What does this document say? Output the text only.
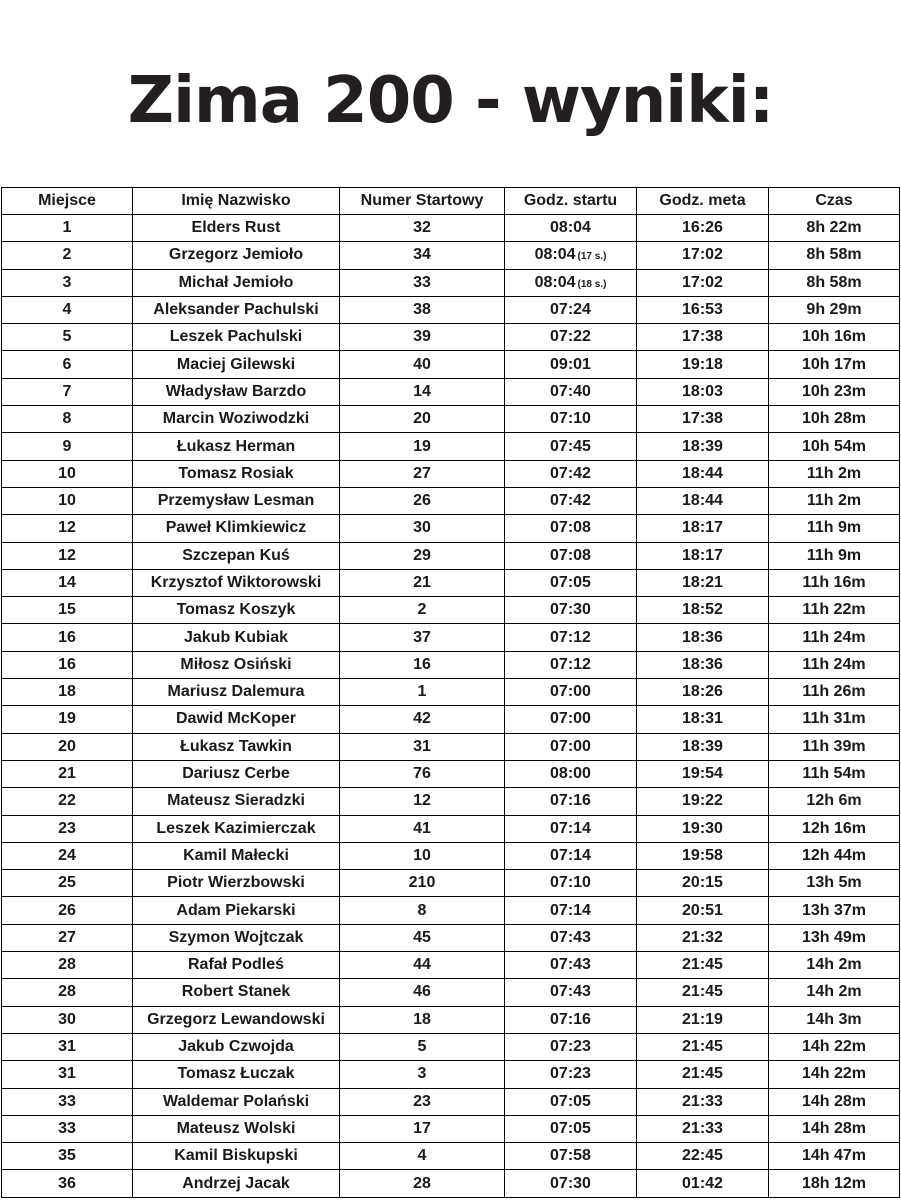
Zima 200 - wyniki:
Miejsce	Imię Nazwisko	Numer Startowy	Godz. startu	Godz. meta	Czas
1	Elders Rust	32	08:04	16:26	8h 22m
2	Grzegorz Jemioło	34	08:04 (17 s.)	17:02	8h 58m
3	Michał Jemioło	33	08:04 (18 s.)	17:02	8h 58m
4	Aleksander Pachulski	38	07:24	16:53	9h 29m
5	Leszek Pachulski	39	07:22	17:38	10h 16m
6	Maciej Gilewski	40	09:01	19:18	10h 17m
7	Władysław Barzdo	14	07:40	18:03	10h 23m
8	Marcin Woziwodzki	20	07:10	17:38	10h 28m
9	Łukasz Herman	19	07:45	18:39	10h 54m
10	Tomasz Rosiak	27	07:42	18:44	11h 2m
10	Przemysław Lesman	26	07:42	18:44	11h 2m
12	Paweł Klimkiewicz	30	07:08	18:17	11h 9m
12	Szczepan Kuś	29	07:08	18:17	11h 9m
14	Krzysztof Wiktorowski	21	07:05	18:21	11h 16m
15	Tomasz Koszyk	2	07:30	18:52	11h 22m
16	Jakub Kubiak	37	07:12	18:36	11h 24m
16	Miłosz Osiński	16	07:12	18:36	11h 24m
18	Mariusz Dalemura	1	07:00	18:26	11h 26m
19	Dawid McKoper	42	07:00	18:31	11h 31m
20	Łukasz Tawkin	31	07:00	18:39	11h 39m
21	Dariusz Cerbe	76	08:00	19:54	11h 54m
22	Mateusz Sieradzki	12	07:16	19:22	12h 6m
23	Leszek Kazimierczak	41	07:14	19:30	12h 16m
24	Kamil Małecki	10	07:14	19:58	12h 44m
25	Piotr Wierzbowski	210	07:10	20:15	13h 5m
26	Adam Piekarski	8	07:14	20:51	13h 37m
27	Szymon Wojtczak	45	07:43	21:32	13h 49m
28	Rafał Podleś	44	07:43	21:45	14h 2m
28	Robert Stanek	46	07:43	21:45	14h 2m
30	Grzegorz Lewandowski	18	07:16	21:19	14h 3m
31	Jakub Czwojda	5	07:23	21:45	14h 22m
31	Tomasz Łuczak	3	07:23	21:45	14h 22m
33	Waldemar Polański	23	07:05	21:33	14h 28m
33	Mateusz Wolski	17	07:05	21:33	14h 28m
35	Kamil Biskupski	4	07:58	22:45	14h 47m
36	Andrzej Jacak	28	07:30	01:42	18h 12m
